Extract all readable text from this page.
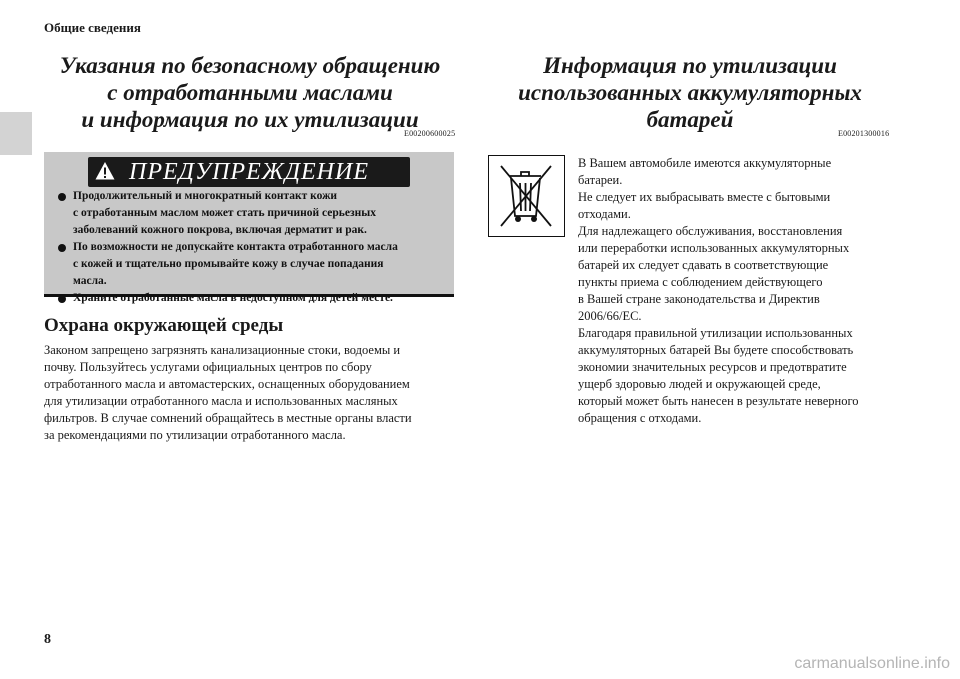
Общие сведения
Указания по безопасному обращению
с отработанными маслами
и информация по их утилизации
E00200600025
ПРЕДУПРЕЖДЕНИЕ
Продолжительный и многократный контакт кожи
с отработанным маслом может стать причиной серьезных
заболеваний кожного покрова, включая дерматит и рак.
По возможности не допускайте контакта отработанного масла
с кожей и тщательно промывайте кожу в случае попадания
масла.
Храните отработанные масла в недоступном для детей месте.
Охрана окружающей среды
Законом запрещено загрязнять канализационные стоки, водоемы и
почву. Пользуйтесь услугами официальных центров по сбору
отработанного масла и автомастерских, оснащенных оборудованием
для утилизации отработанного масла и использованных масляных
фильтров. В случае сомнений обращайтесь в местные органы власти
за рекомендациями по утилизации отработанного масла.
Информация по утилизации
использованных аккумуляторных
батарей
E00201300016
В Вашем автомобиле имеются аккумуляторные
батареи.
Не следует их выбрасывать вместе с бытовыми
отходами.
Для надлежащего обслуживания, восстановления
или переработки использованных аккумуляторных
батарей их следует сдавать в соответствующие
пункты приема с соблюдением действующего
в Вашей стране законодательства и Директив
2006/66/EC.
Благодаря правильной утилизации использованных
аккумуляторных батарей Вы будете способствовать
экономии значительных ресурсов и предотвратите
ущерб здоровью людей и окружающей среде,
который может быть нанесен в результате неверного
обращения с отходами.
8
carmanualsonline.info
